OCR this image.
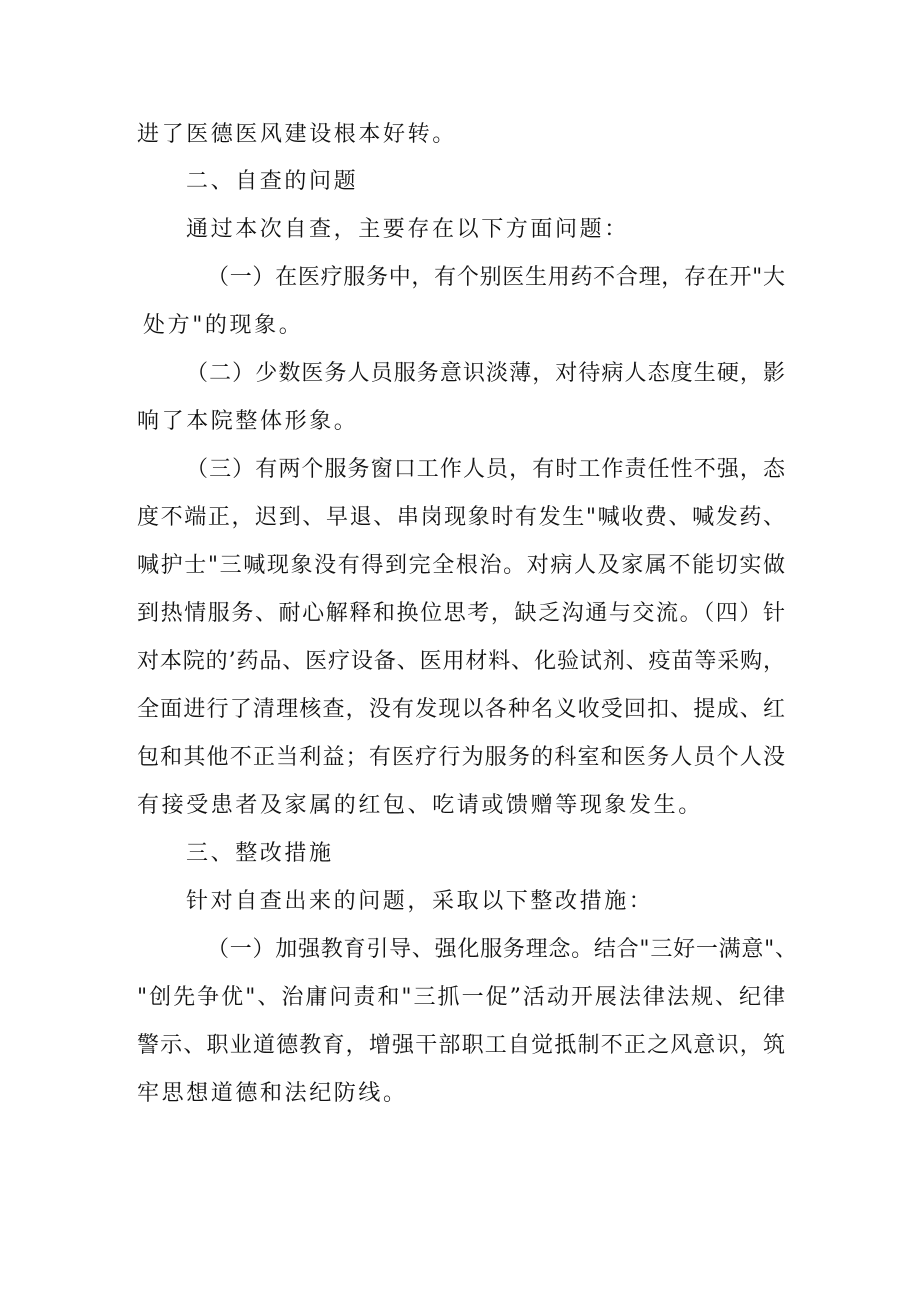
进了医德医风建设根本好转。
二、自查的问题
通过本次自查，主要存在以下方面问题：
（一）在医疗服务中，有个别医生用药不合理，存在开"大
处方"的现象。
（二）少数医务人员服务意识淡薄，对待病人态度生硬，影
响了本院整体形象。
（三）有两个服务窗口工作人员，有时工作责任性不强，态
度不端正，迟到、早退、串岗现象时有发生"喊收费、喊发药、
喊护士"三喊现象没有得到完全根治。对病人及家属不能切实做
到热情服务、耐心解释和换位思考，缺乏沟通与交流。（四）针
对本院的’药品、医疗设备、医用材料、化验试剂、疫苗等采购，
全面进行了清理核查，没有发现以各种名义收受回扣、提成、红
包和其他不正当利益；有医疗行为服务的科室和医务人员个人没
有接受患者及家属的红包、吃请或馈赠等现象发生。
三、整改措施
针对自查出来的问题，采取以下整改措施：
（一）加强教育引导、强化服务理念。结合"三好一满意"、
"创先争优"、治庸问责和"三抓一促”活动开展法律法规、纪律
警示、职业道德教育，增强干部职工自觉抵制不正之风意识，筑
牢思想道德和法纪防线。
